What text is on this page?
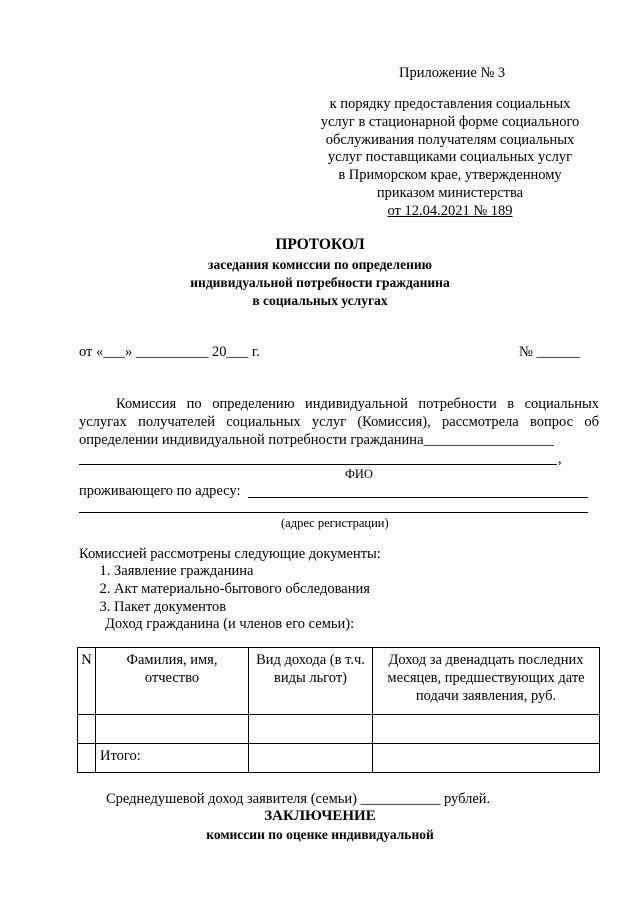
Приложение № 3
к порядку предоставления социальных
услуг в стационарной форме социального
обслуживания получателям социальных
услуг поставщиками социальных услуг
в Приморском крае, утвержденному
приказом министерства
от 12.04.2021 № 189
ПРОТОКОЛ
заседания комиссии по определению
индивидуальной потребности гражданина
в социальных услугах
от «___» __________ 20___ г.	№ ______
Комиссия по определению индивидуальной потребности в социальных
услугах получателей социальных услуг (Комиссия), рассмотрела вопрос об
определении индивидуальной потребности гражданина__________________
,
ФИО
проживающего по адресу:
(адрес регистрации)
Комиссией рассмотрены следующие документы:
1. Заявление гражданина
2. Акт материально-бытового обследования
3. Пакет документов
Доход гражданина (и членов его семьи):
N	Фамилия, имя, отчество	Вид дохода (в т.ч. виды льгот)	Доход за двенадцать последних месяцев, предшествующих дате подачи заявления, руб.

	Итого:		
Среднедушевой доход заявителя (семьи) ___________ рублей.
ЗАКЛЮЧЕНИЕ
комиссии по оценке индивидуальной
